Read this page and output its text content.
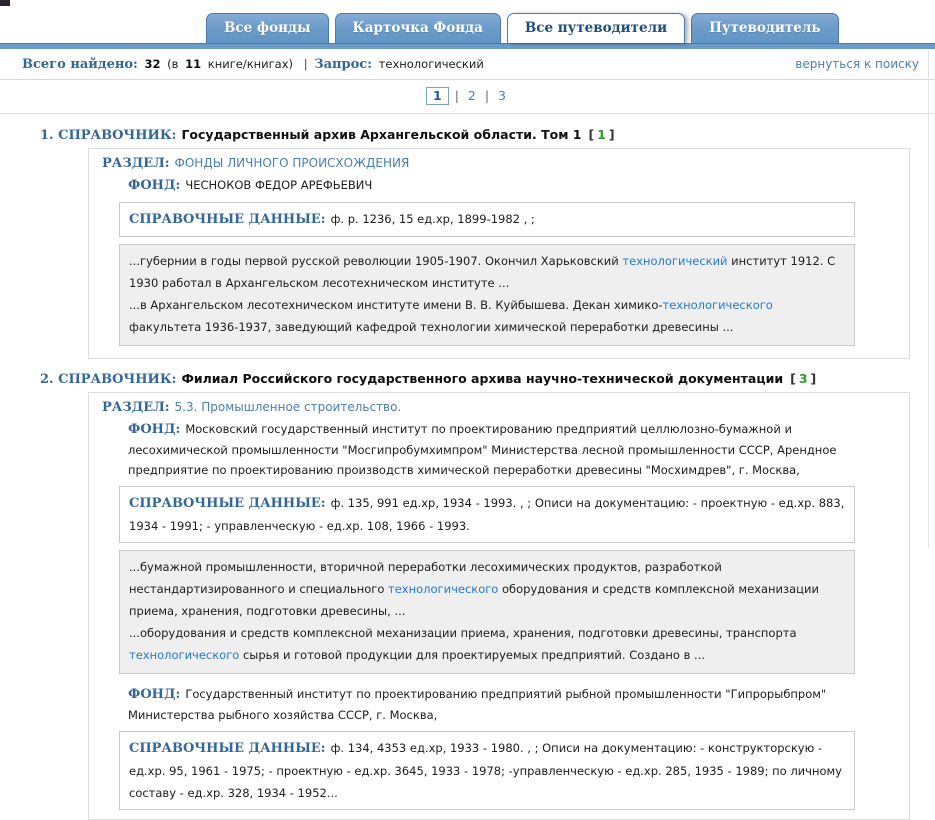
Все фонды	Карточка Фонда	Все путеводители	Путеводитель
Всего найдено: 32 (в 11 книге/книгах) | Запрос: технологический	вернуться к поиску
1 | 2 | 3
1. СПРАВОЧНИК: Государственный архив Архангельской области. Том 1 [ 1 ]
РАЗДЕЛ: ФОНДЫ ЛИЧНОГО ПРОИСХОЖДЕНИЯ
ФОНД: ЧЕСНОКОВ ФЕДОР АРЕФЬЕВИЧ
СПРАВОЧНЫЕ ДАННЫЕ: ф. р. 1236, 15 ед.хр, 1899-1982 , ;
...губернии в годы первой русской революции 1905-1907. Окончил Харьковский технологический институт 1912. С 1930 работал в Архангельском лесотехническом институте ...
...в Архангельском лесотехническом институте имени В. В. Куйбышева. Декан химико-технологического факультета 1936-1937, заведующий кафедрой технологии химической переработки древесины ...
2. СПРАВОЧНИК: Филиал Российского государственного архива научно-технической документации [ 3 ]
РАЗДЕЛ: 5.3. Промышленное строительство.
ФОНД: Московский государственный институт по проектированию предприятий целлюлозно-бумажной и лесохимической промышленности "Мосгипробумхимпром" Министерства лесной промышленности СССР, Арендное предприятие по проектированию производств химической переработки древесины "Мосхимдрев", г. Москва,
СПРАВОЧНЫЕ ДАННЫЕ: ф. 135, 991 ед.хр, 1934 - 1993. , ; Описи на документацию: - проектную - ед.хр. 883, 1934 - 1991; - управленческую - ед.хр. 108, 1966 - 1993.
...бумажной промышленности, вторичной переработки лесохимических продуктов, разработкой нестандартизированного и специального технологического оборудования и средств комплексной механизации приема, хранения, подготовки древесины, ...
...оборудования и средств комплексной механизации приема, хранения, подготовки древесины, транспорта технологического сырья и готовой продукции для проектируемых предприятий. Создано в ...
ФОНД: Государственный институт по проектированию предприятий рыбной промышленности "Гипрорыбпром" Министерства рыбного хозяйства СССР, г. Москва,
СПРАВОЧНЫЕ ДАННЫЕ: ф. 134, 4353 ед.хр, 1933 - 1980. , ; Описи на документацию: - конструкторскую - ед.хр. 95, 1961 - 1975; - проектную - ед.хр. 3645, 1933 - 1978; -управленческую - ед.хр. 285, 1935 - 1989; по личному составу - ед.хр. 328, 1934 - 1952...
